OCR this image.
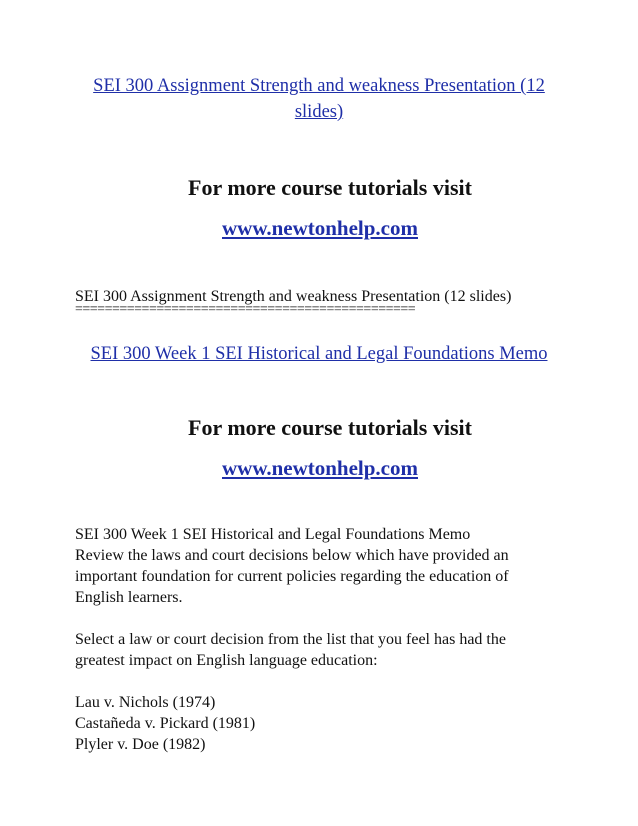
SEI 300 Assignment Strength and weakness Presentation (12
slides)
For more course tutorials visit
www.newtonhelp.com
SEI 300 Assignment Strength and weakness Presentation (12 slides)
==============================================
SEI 300 Week 1 SEI Historical and Legal Foundations Memo
For more course tutorials visit
www.newtonhelp.com

SEI 300 Week 1 SEI Historical and Legal Foundations Memo

Review the laws and court decisions below which have provided an

important foundation for current policies regarding the education of

English learners.

Select a law or court decision from the list that you feel has had the

greatest impact on English language education:

Lau v. Nichols (1974)
Castañeda v. Pickard (1981)
Plyler v. Doe (1982)
